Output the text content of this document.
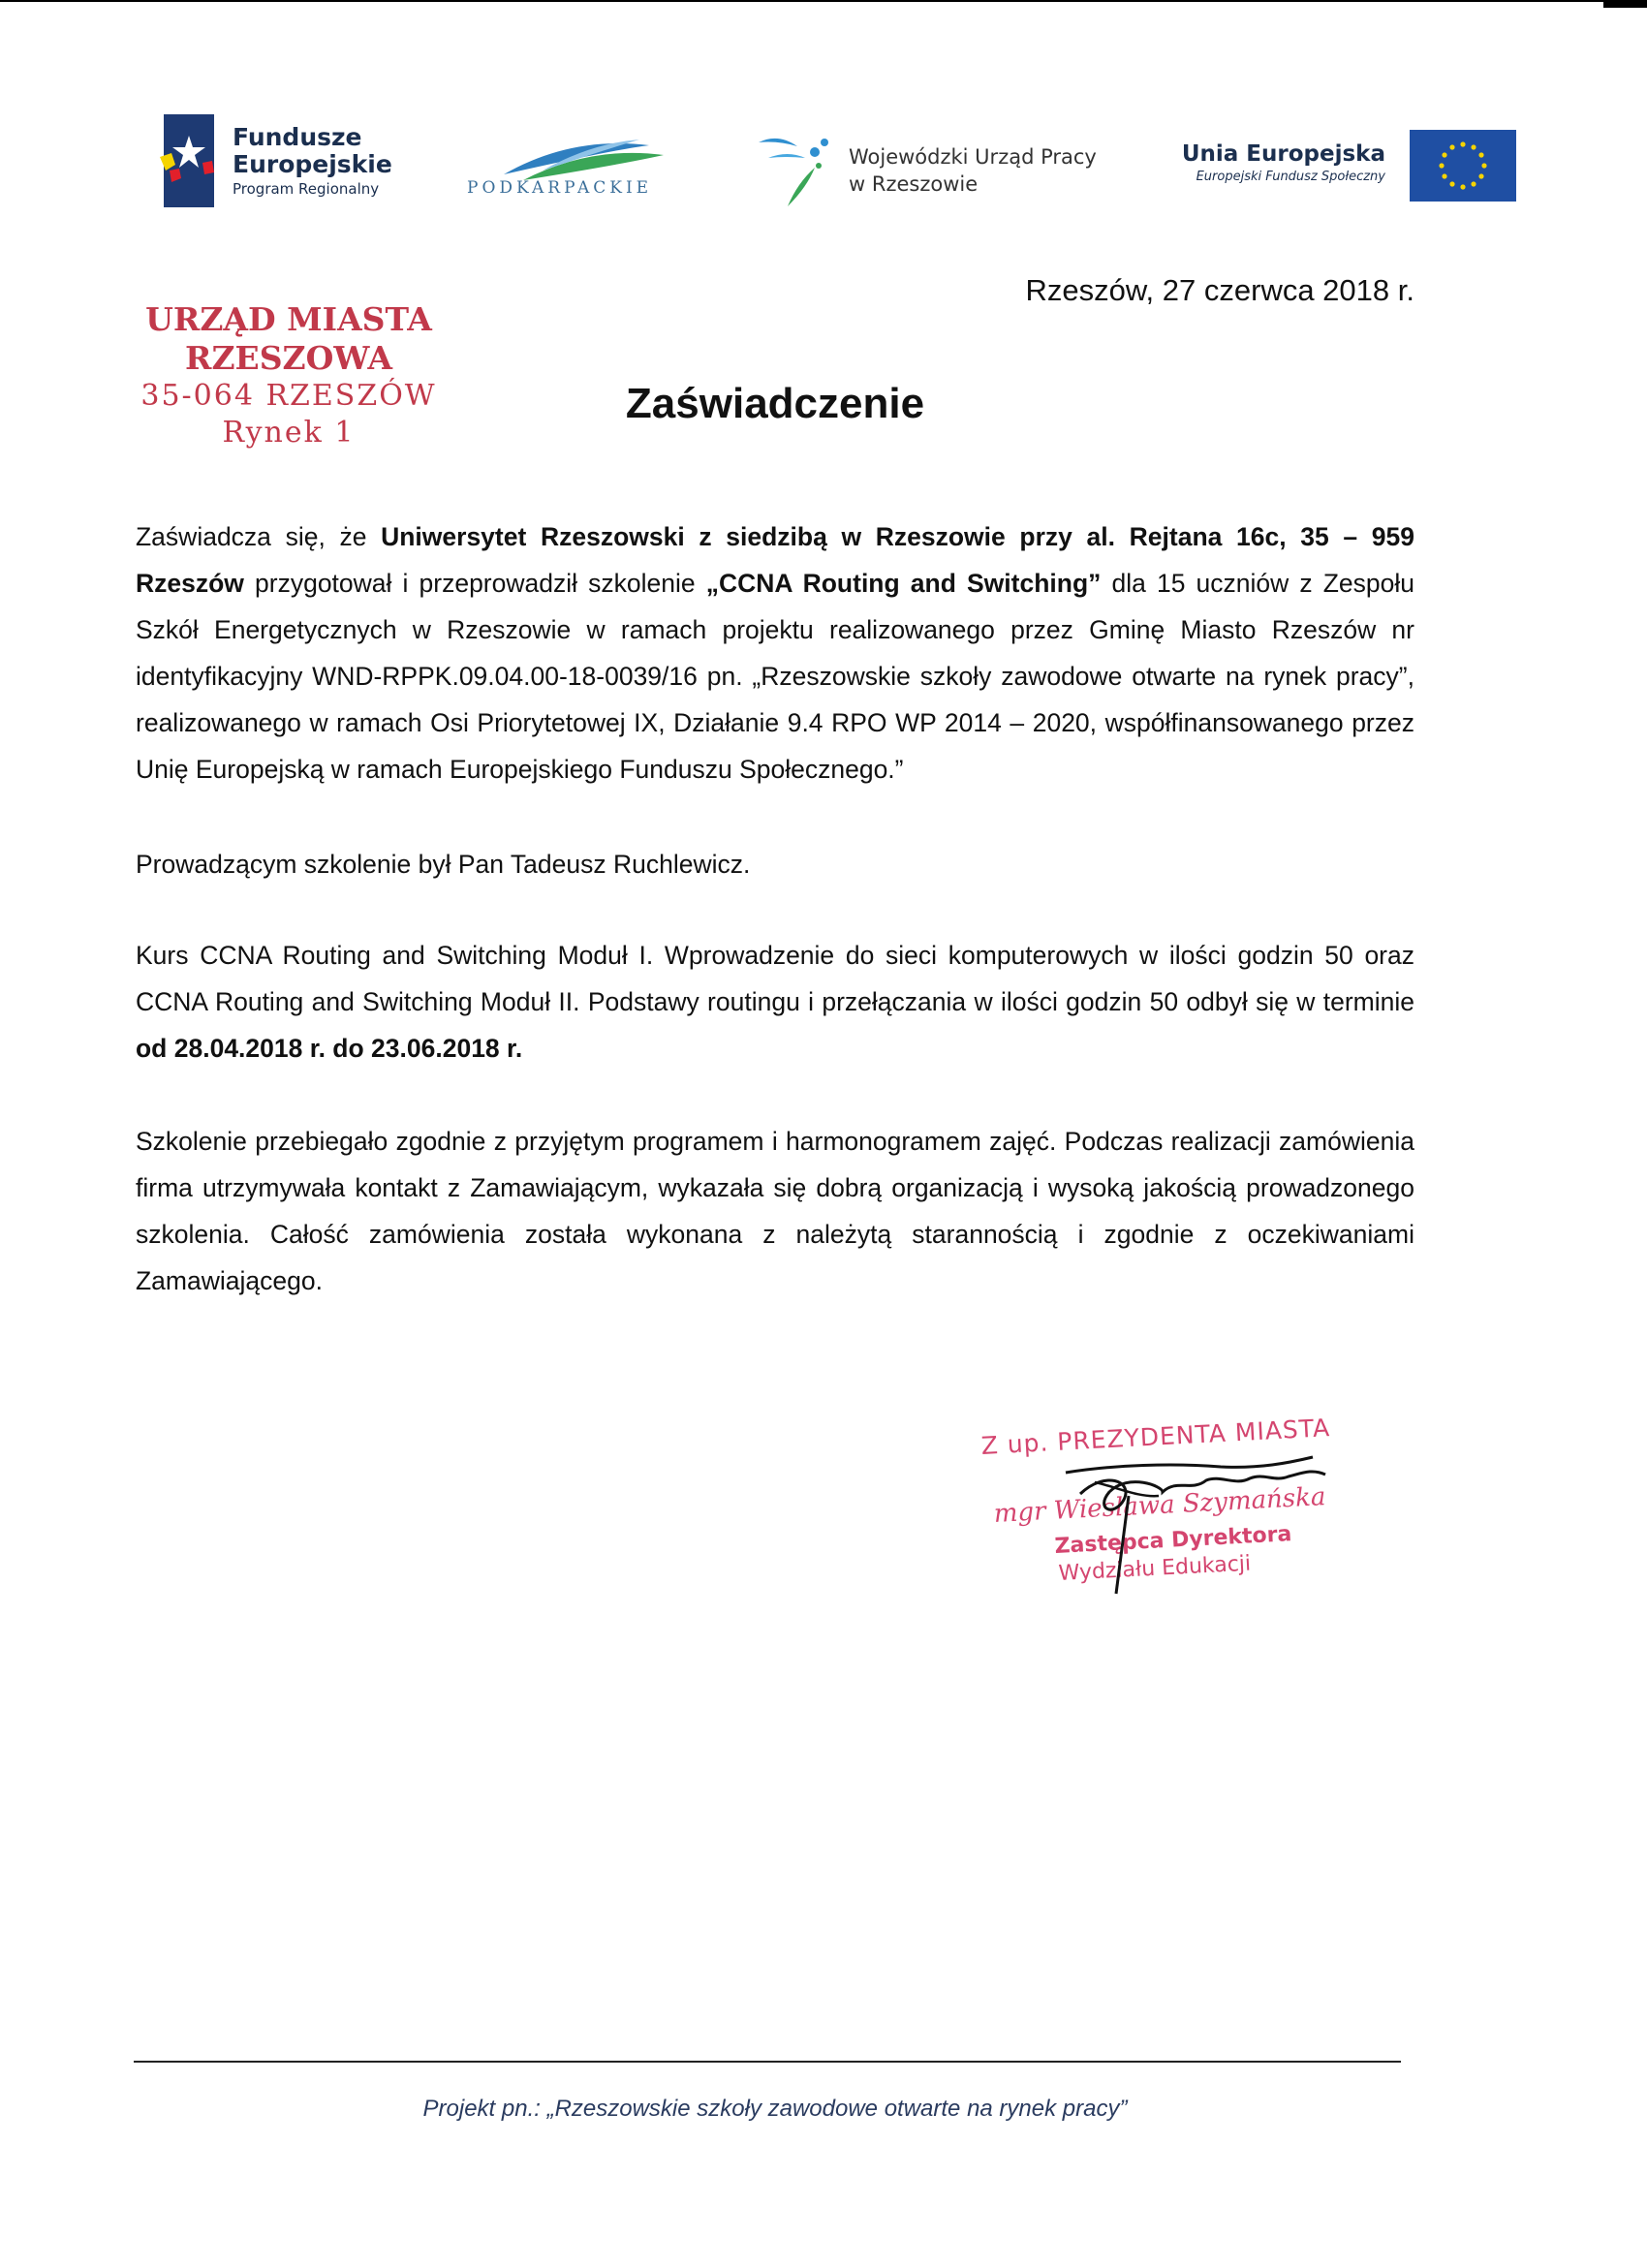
Fundusze
Europejskie
Program Regionalny	PODKARPACKIE
Wojewódzki Urząd Pracy
w Rzeszowie
Unia Europejska
Europejski Fundusz Społeczny
URZĄD MIASTA RZESZOWA
35-064 RZESZÓW
Rynek 1
Rzeszów, 27 czerwca 2018 r.
Zaświadczenie
Zaświadcza się, że Uniwersytet Rzeszowski z siedzibą w Rzeszowie przy al. Rejtana 16c, 35 – 959 Rzeszów przygotował i przeprowadził szkolenie „CCNA Routing and Switching” dla 15 uczniów z Zespołu Szkół Energetycznych w Rzeszowie w ramach projektu realizowanego przez Gminę Miasto Rzeszów nr identyfikacyjny WND-RPPK.09.04.00-18-0039/16 pn. „Rzeszowskie szkoły zawodowe otwarte na rynek pracy”, realizowanego w ramach Osi Priorytetowej IX, Działanie 9.4 RPO WP 2014 – 2020, współfinansowanego przez Unię Europejską w ramach Europejskiego Funduszu Społecznego.”
Prowadzącym szkolenie był Pan Tadeusz Ruchlewicz.
Kurs CCNA Routing and Switching Moduł I. Wprowadzenie do sieci komputerowych w ilości godzin 50 oraz CCNA Routing and Switching Moduł II. Podstawy routingu i przełączania w ilości godzin 50 odbył się w terminie od 28.04.2018 r. do 23.06.2018 r.
Szkolenie przebiegało zgodnie z przyjętym programem i harmonogramem zajęć. Podczas realizacji zamówienia firma utrzymywała kontakt z Zamawiającym, wykazała się dobrą organizacją i wysoką jakością prowadzonego szkolenia. Całość zamówienia została wykonana z należytą starannością i zgodnie z oczekiwaniami Zamawiającego.
Z up. PREZYDENTA MIASTA
mgr Wiesława Szymańska
Zastępca Dyrektora
Wydziału Edukacji
Projekt pn.: „Rzeszowskie szkoły zawodowe otwarte na rynek pracy”
